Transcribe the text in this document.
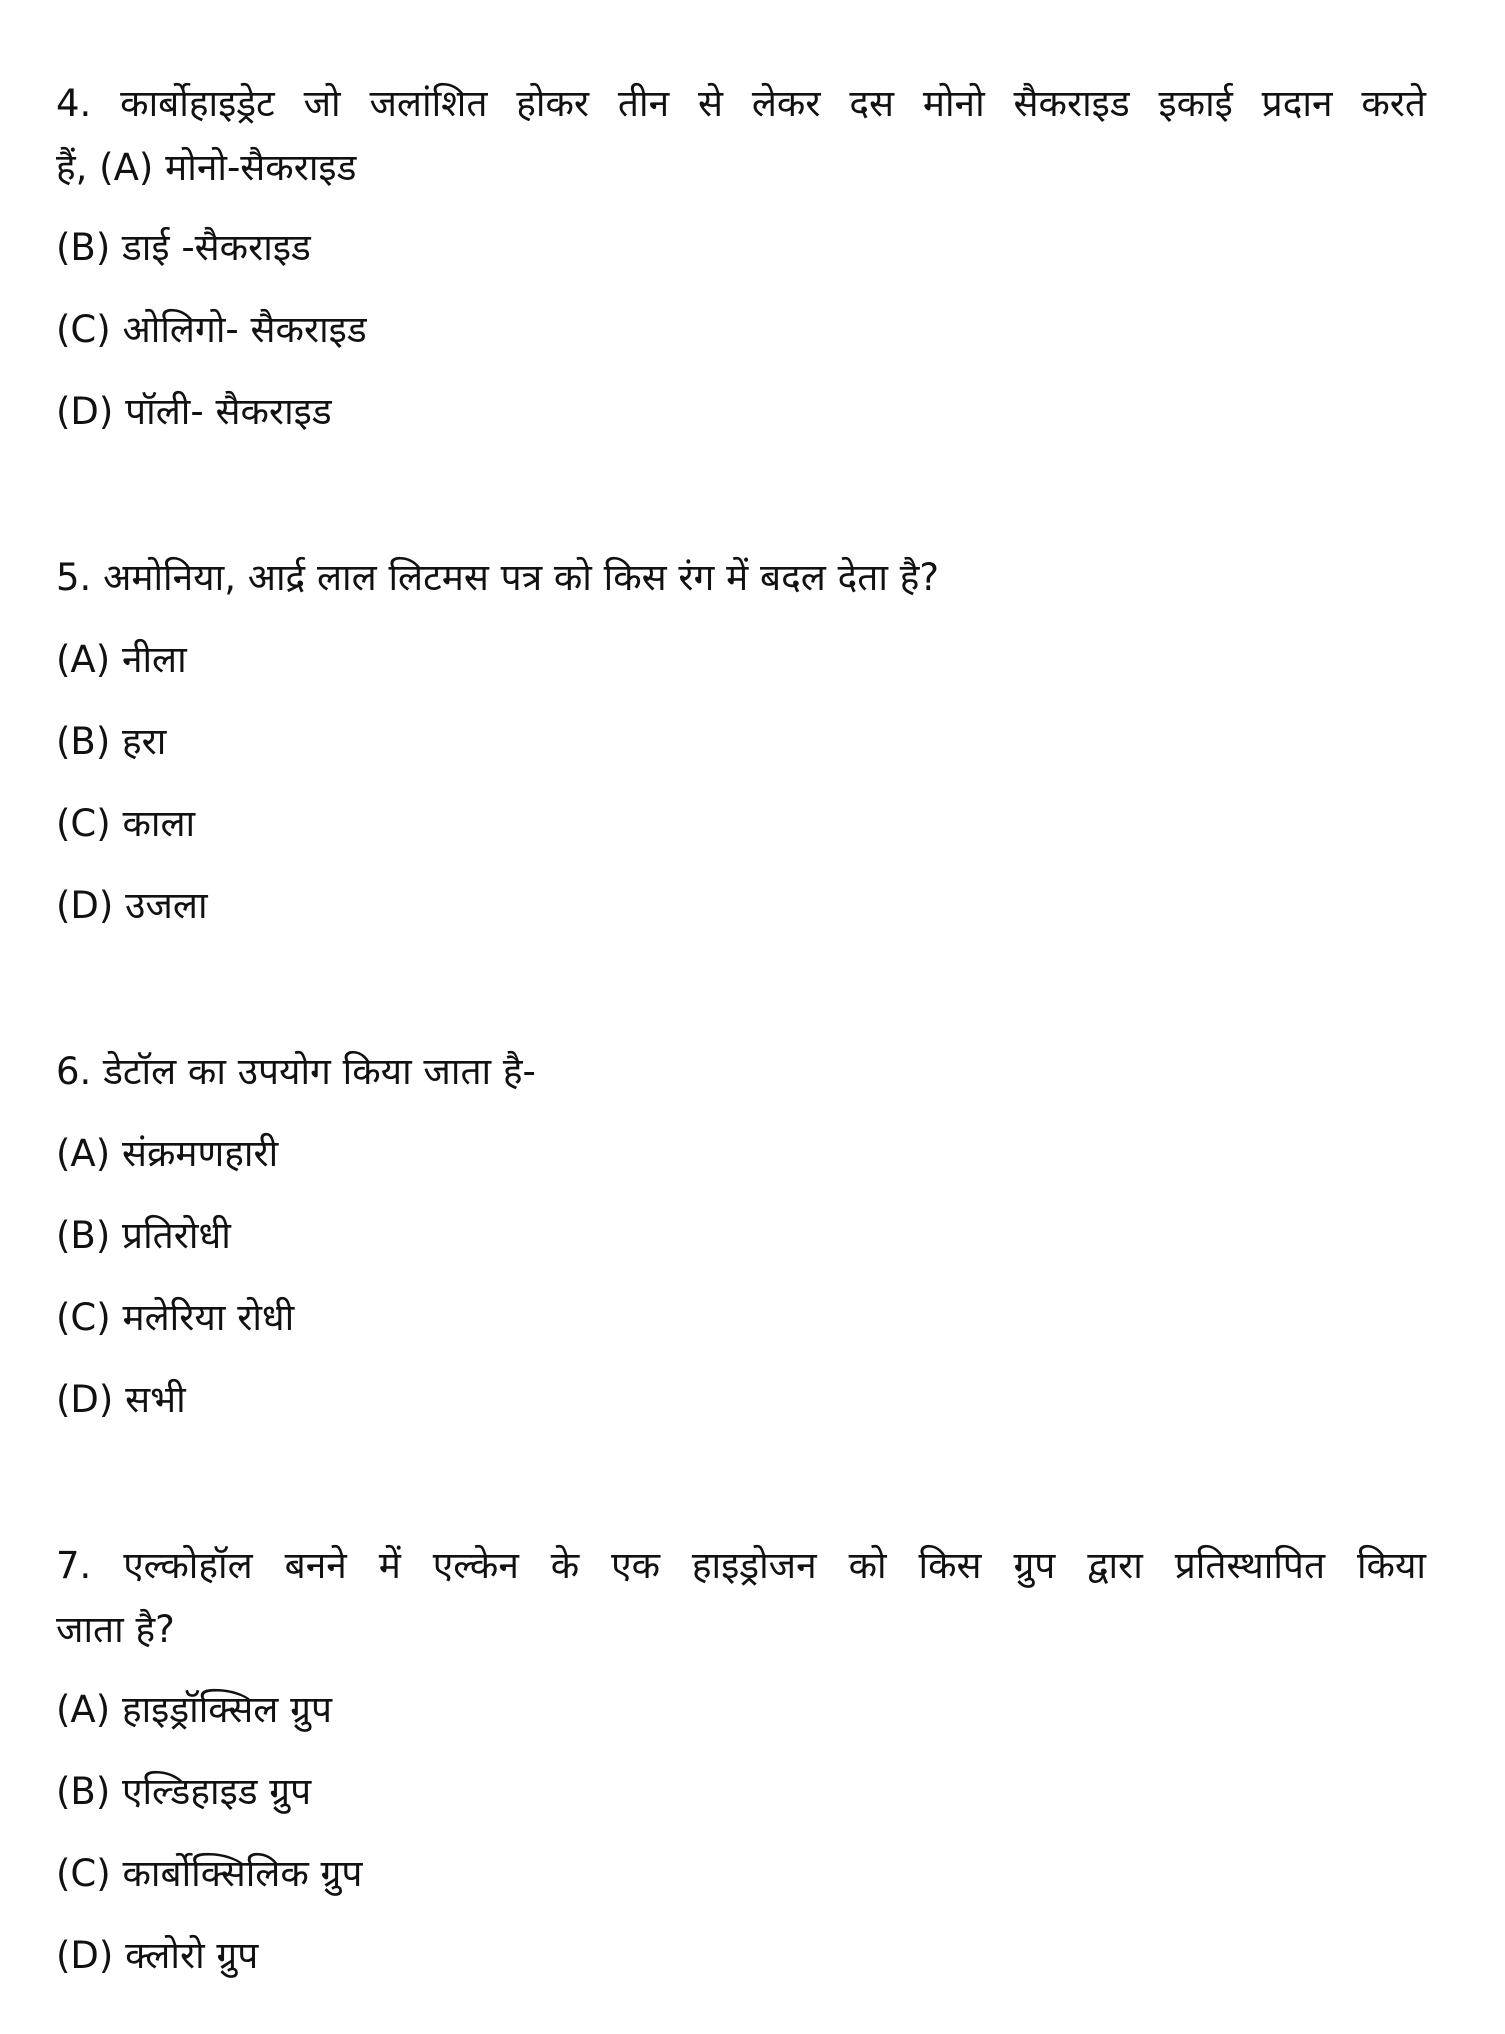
4. कार्बोहाइड्रेट जो जलांशित होकर तीन से लेकर दस मोनो सैकराइड इकाई प्रदान करते
हैं, (A) मोनो-सैकराइड
(B) डाई -सैकराइड
(C) ओलिगो- सैकराइड
(D) पॉली- सैकराइड
5. अमोनिया, आर्द्र लाल लिटमस पत्र को किस रंग में बदल देता है?
(A) नीला
(B) हरा
(C) काला
(D) उजला
6. डेटॉल का उपयोग किया जाता है-
(A) संक्रमणहारी
(B) प्रतिरोधी
(C) मलेरिया रोधी
(D) सभी
7. एल्कोहॉल बनने में एल्केन के एक हाइड्रोजन को किस ग्रुप द्वारा प्रतिस्थापित किया
जाता है?
(A) हाइड्रॉक्सिल ग्रुप
(B) एल्डिहाइड ग्रुप
(C) कार्बोक्सिलिक ग्रुप
(D) क्लोरो ग्रुप
